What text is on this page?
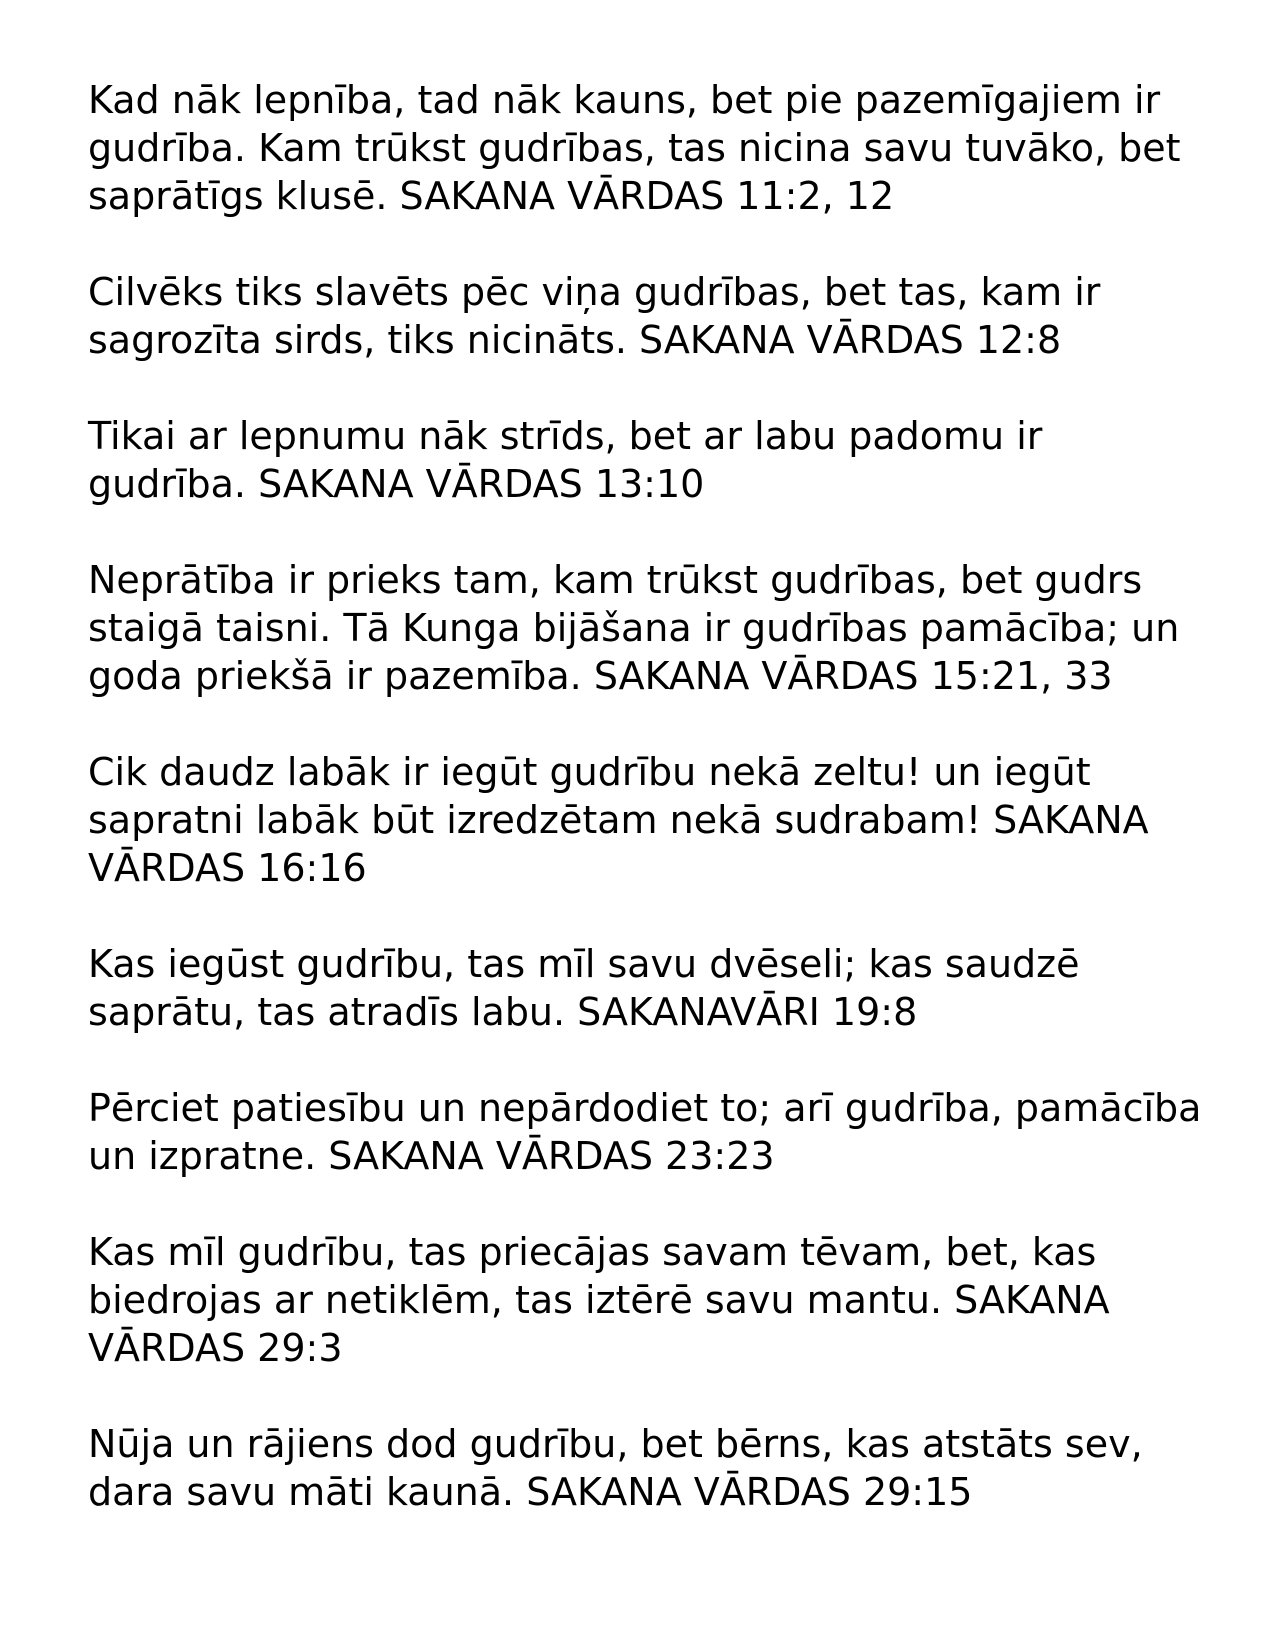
Kad nāk lepnība, tad nāk kauns, bet pie pazemīgajiem ir gudrība. Kam trūkst gudrības, tas nicina savu tuvāko, bet saprātīgs klusē. SAKANA VĀRDAS 11:2, 12

Cilvēks tiks slavēts pēc viņa gudrības, bet tas, kam ir sagrozīta sirds, tiks nicināts. SAKANA VĀRDAS 12:8

Tikai ar lepnumu nāk strīds, bet ar labu padomu ir gudrība. SAKANA VĀRDAS 13:10

Neprātība ir prieks tam, kam trūkst gudrības, bet gudrs staigā taisni. Tā Kunga bijāšana ir gudrības pamācība; un goda priekšā ir pazemība. SAKANA VĀRDAS 15:21, 33

Cik daudz labāk ir iegūt gudrību nekā zeltu! un iegūt sapratni labāk būt izredzētam nekā sudrabam! SAKANA VĀRDAS 16:16

Kas iegūst gudrību, tas mīl savu dvēseli; kas saudzē saprātu, tas atradīs labu. SAKANAVĀRI 19:8

Pērciet patiesību un nepārdodiet to; arī gudrība, pamācība un izpratne. SAKANA VĀRDAS 23:23

Kas mīl gudrību, tas priecājas savam tēvam, bet, kas biedrojas ar netiklēm, tas iztērē savu mantu. SAKANA VĀRDAS 29:3

Nūja un rājiens dod gudrību, bet bērns, kas atstāts sev, dara savu māti kaunā. SAKANA VĀRDAS 29:15
